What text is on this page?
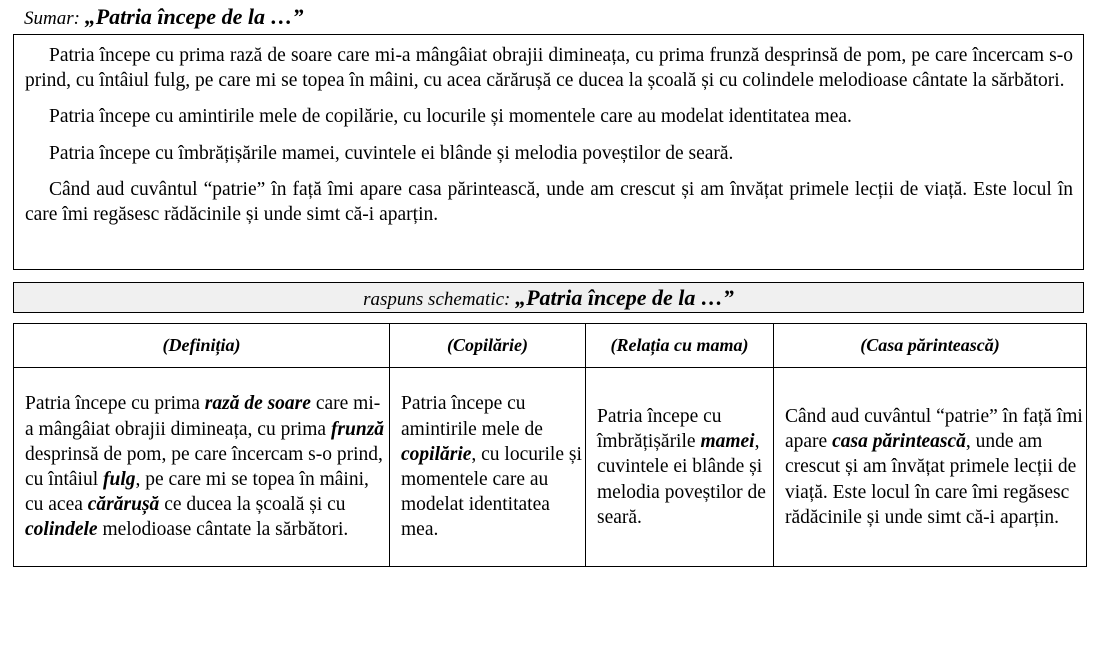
Sumar: „Patria începe de la …”

Patria începe cu prima rază de soare care mi-a mângâiat obrajii dimineața, cu prima frunză desprinsă de pom, pe care încercam s-o prind, cu întâiul fulg, pe care mi se topea în mâini, cu acea cărărușă ce ducea la școală și cu colindele melodioase cântate la sărbători.

Patria începe cu amintirile mele de copilărie, cu locurile și momentele care au modelat identitatea mea.

Patria începe cu îmbrățișările mamei, cuvintele ei blânde și melodia poveștilor de seară.

Când aud cuvântul “patrie” în față îmi apare casa părintească, unde am crescut și am învățat primele lecții de viață. Este locul în care îmi regăsesc rădăcinile și unde simt că-i aparțin.

raspuns schematic: „Patria începe de la …”
(Definiția)	(Copilărie)	(Relația cu mama)	(Casa părintească)

Patria începe cu prima rază de soare care mi-a mângâiat obrajii dimineața, cu prima frunză desprinsă de pom, pe care încercam s-o prind, cu întâiul fulg, pe care mi se topea în mâini, cu acea cărărușă ce ducea la școală și cu colindele melodioase cântate la sărbători.	Patria începe cu amintirile mele de copilărie, cu locurile și momentele care au modelat identitatea mea.	Patria începe cu îmbrățișările mamei, cuvintele ei blânde și melodia poveștilor de seară.	Când aud cuvântul “patrie” în față îmi apare casa părintească, unde am crescut și am învățat primele lecții de viață. Este locul în care îmi regăsesc rădăcinile și unde simt că-i aparțin.
